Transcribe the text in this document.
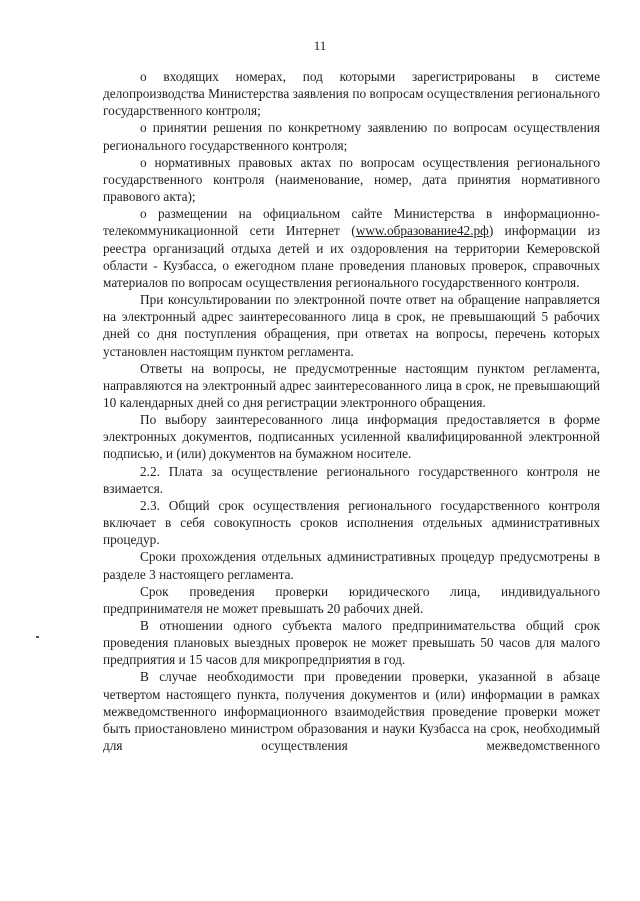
11

о входящих номерах, под которыми зарегистрированы в системе делопроизводства Министерства заявления по вопросам осуществления регионального государственного контроля;

о принятии решения по конкретному заявлению по вопросам осуществления регионального государственного контроля;

о нормативных правовых актах по вопросам осуществления регионального государственного контроля (наименование, номер, дата принятия нормативного правового акта);

о размещении на официальном сайте Министерства в информационно-телекоммуникационной сети Интернет (www.образование42.рф) информации из реестра организаций отдыха детей и их оздоровления на территории Кемеровской области - Кузбасса, о ежегодном плане проведения плановых проверок, справочных материалов по вопросам осуществления регионального государственного контроля.

При консультировании по электронной почте ответ на обращение направляется на электронный адрес заинтересованного лица в срок, не превышающий 5 рабочих дней со дня поступления обращения, при ответах на вопросы, перечень которых установлен настоящим пунктом регламента.

Ответы на вопросы, не предусмотренные настоящим пунктом регламента, направляются на электронный адрес заинтересованного лица в срок, не превышающий 10 календарных дней со дня регистрации электронного обращения.

По выбору заинтересованного лица информация предоставляется в форме электронных документов, подписанных усиленной квалифицированной электронной подписью, и (или) документов на бумажном носителе.

2.2. Плата за осуществление регионального государственного контроля не взимается.

2.3. Общий срок осуществления регионального государственного контроля включает в себя совокупность сроков исполнения отдельных административных процедур.

Сроки прохождения отдельных административных процедур предусмотрены в разделе 3 настоящего регламента.

Срок проведения проверки юридического лица, индивидуального предпринимателя не может превышать 20 рабочих дней.

В отношении одного субъекта малого предпринимательства общий срок проведения плановых выездных проверок не может превышать 50 часов для малого предприятия и 15 часов для микропредприятия в год.

В случае необходимости при проведении проверки, указанной в абзаце четвертом настоящего пункта, получения документов и (или) информации в рамках межведомственного информационного взаимодействия проведение проверки может быть приостановлено министром образования и науки Кузбасса на срок, необходимый для осуществления межведомственного
